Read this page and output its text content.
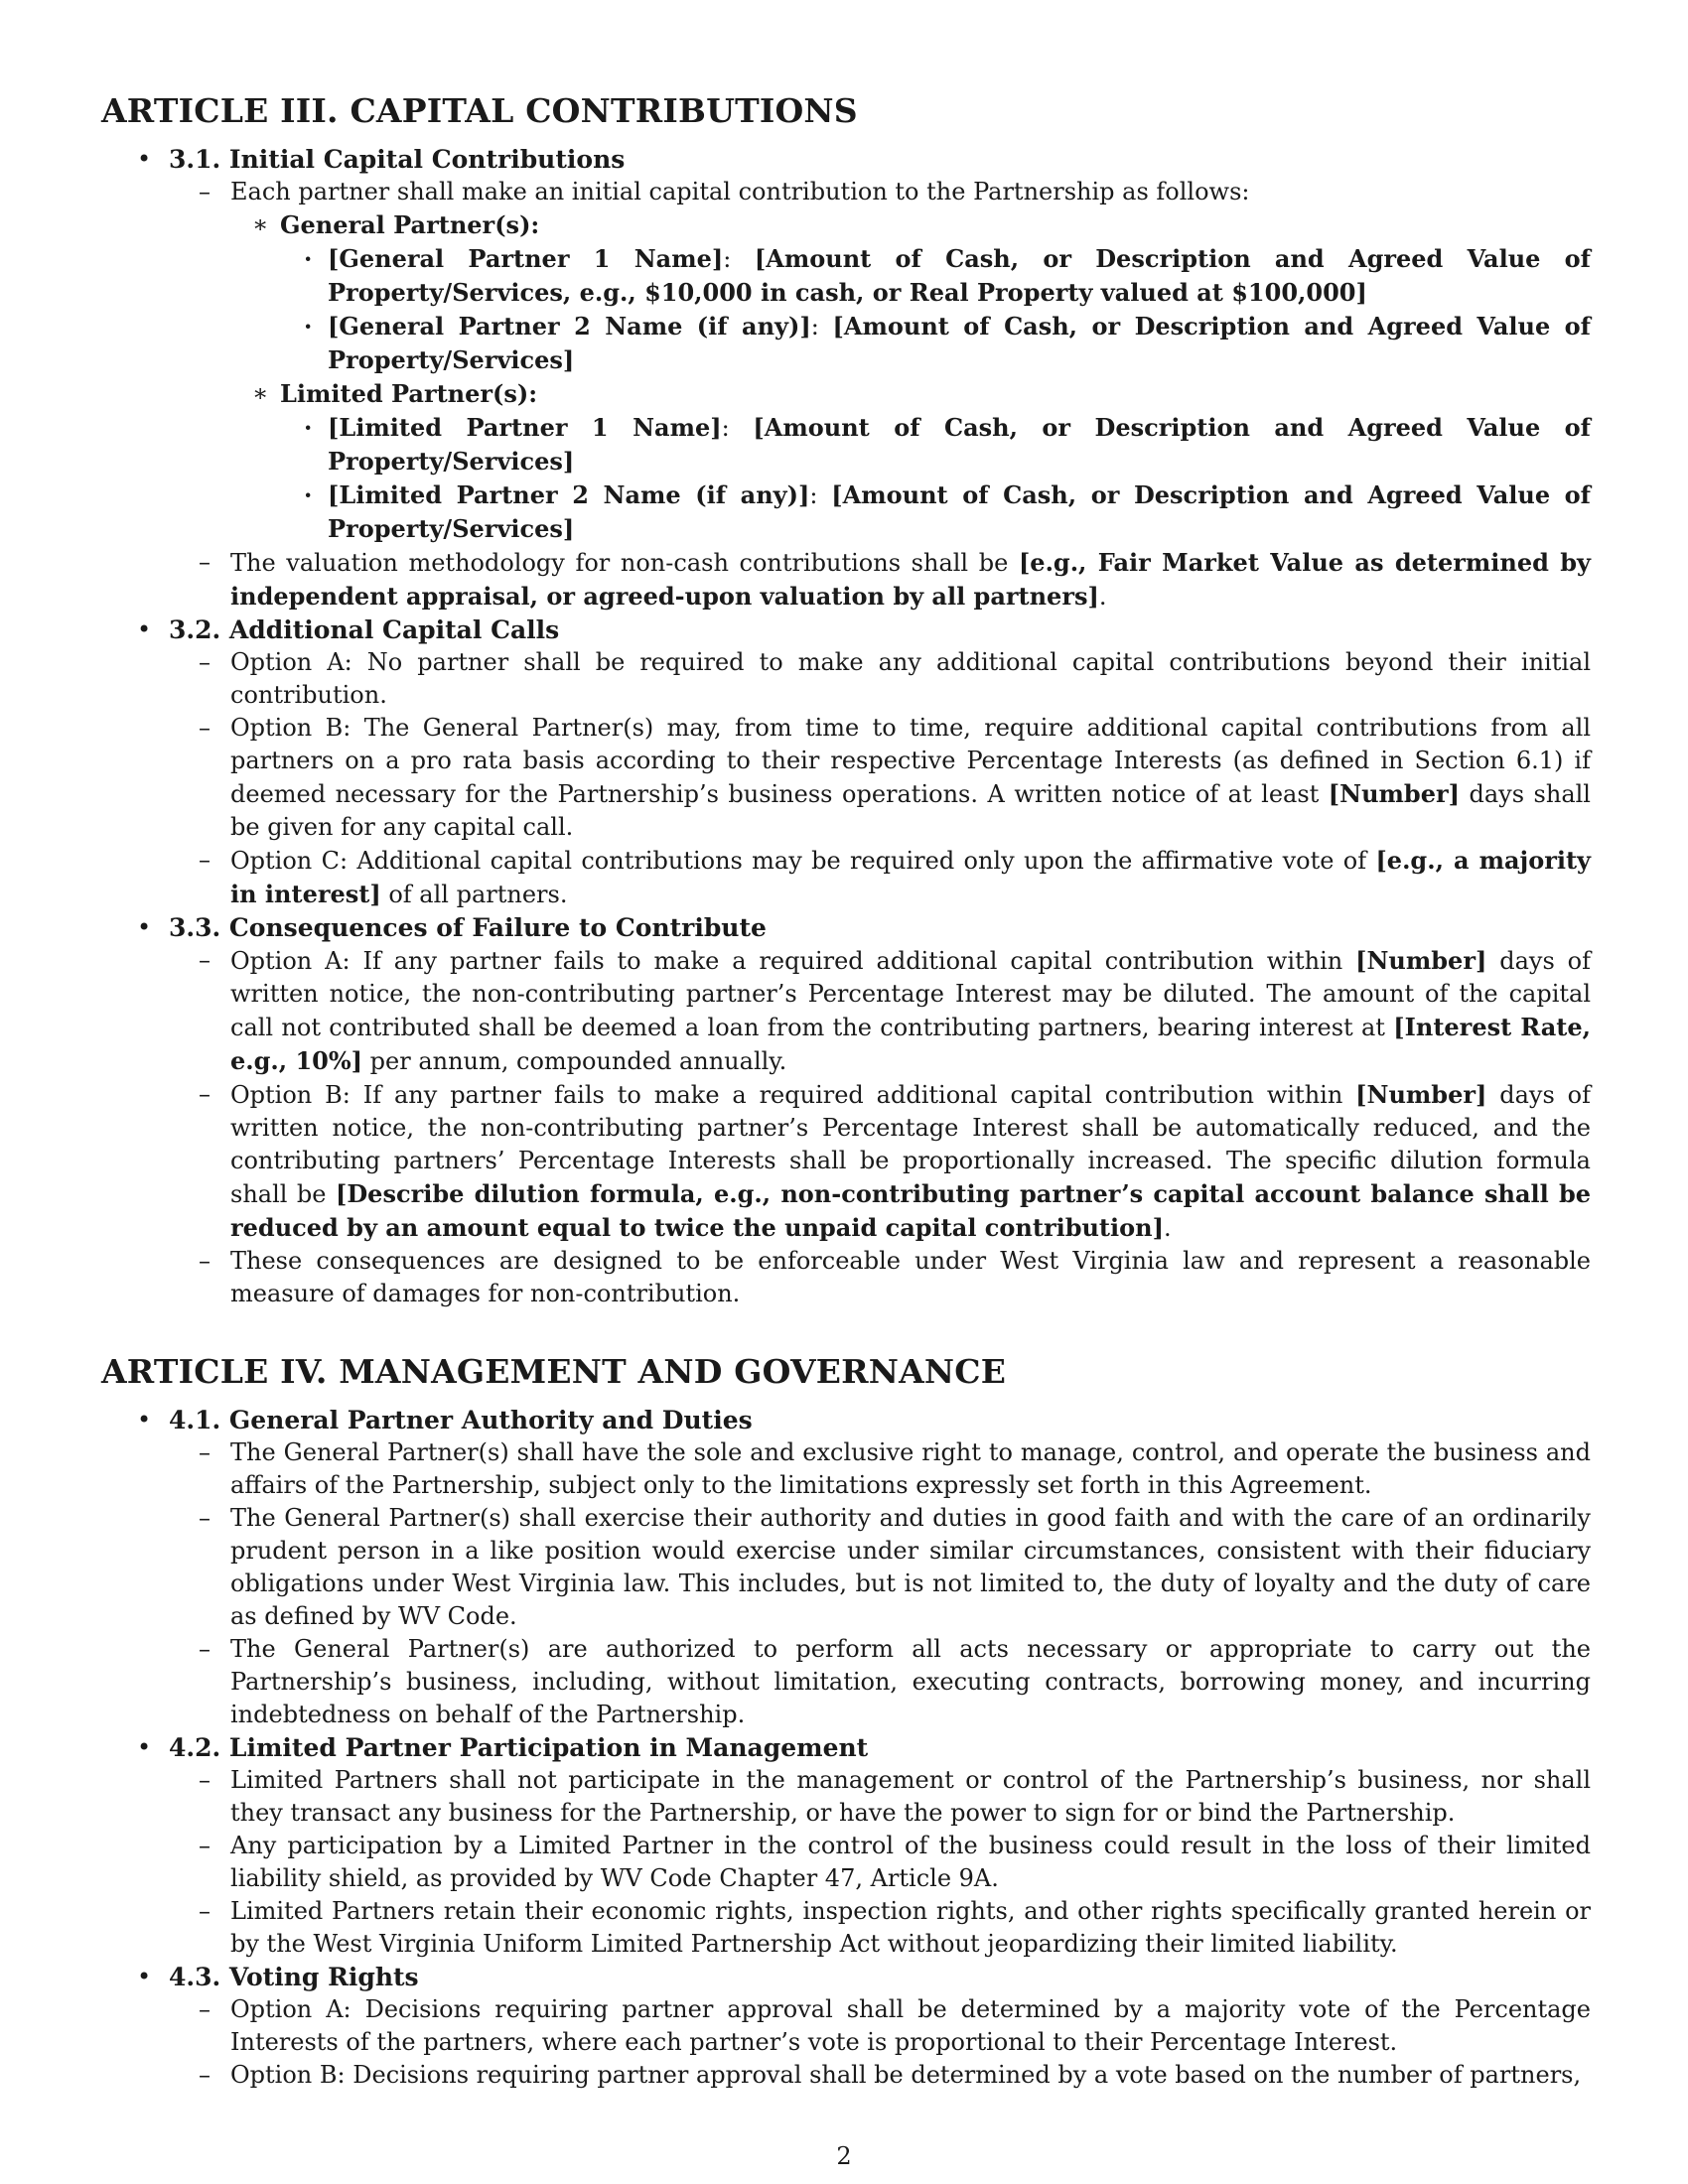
ARTICLE III. CAPITAL CONTRIBUTIONS
• 3.1. Initial Capital Contributions
– Each partner shall make an initial capital contribution to the Partnership as follows:
∗ General Partner(s):
· [General Partner 1 Name]: [Amount of Cash, or Description and Agreed Value of Property/Services, e.g., $10,000 in cash, or Real Property valued at $100,000]
· [General Partner 2 Name (if any)]: [Amount of Cash, or Description and Agreed Value of Property/Services]
∗ Limited Partner(s):
· [Limited Partner 1 Name]: [Amount of Cash, or Description and Agreed Value of Property/Services]
· [Limited Partner 2 Name (if any)]: [Amount of Cash, or Description and Agreed Value of Property/Services]
– The valuation methodology for non-cash contributions shall be [e.g., Fair Market Value as determined by independent appraisal, or agreed-upon valuation by all partners].
• 3.2. Additional Capital Calls
– Option A: No partner shall be required to make any additional capital contributions beyond their initial contribution.
– Option B: The General Partner(s) may, from time to time, require additional capital contributions from all partners on a pro rata basis according to their respective Percentage Interests (as defined in Section 6.1) if deemed necessary for the Partnership’s business operations. A written notice of at least [Number] days shall be given for any capital call.
– Option C: Additional capital contributions may be required only upon the affirmative vote of [e.g., a majority in interest] of all partners.
• 3.3. Consequences of Failure to Contribute
– Option A: If any partner fails to make a required additional capital contribution within [Number] days of written notice, the non-contributing partner’s Percentage Interest may be diluted. The amount of the capital call not contributed shall be deemed a loan from the contributing partners, bearing interest at [Interest Rate, e.g., 10%] per annum, compounded annually.
– Option B: If any partner fails to make a required additional capital contribution within [Number] days of written notice, the non-contributing partner’s Percentage Interest shall be automatically reduced, and the contributing partners’ Percentage Interests shall be proportionally increased. The specific dilution formula shall be [Describe dilution formula, e.g., non-contributing partner’s capital account balance shall be reduced by an amount equal to twice the unpaid capital contribution].
– These consequences are designed to be enforceable under West Virginia law and represent a reasonable measure of damages for non-contribution.
ARTICLE IV. MANAGEMENT AND GOVERNANCE
• 4.1. General Partner Authority and Duties
– The General Partner(s) shall have the sole and exclusive right to manage, control, and operate the business and affairs of the Partnership, subject only to the limitations expressly set forth in this Agreement.
– The General Partner(s) shall exercise their authority and duties in good faith and with the care of an ordinarily prudent person in a like position would exercise under similar circumstances, consistent with their fiduciary obligations under West Virginia law. This includes, but is not limited to, the duty of loyalty and the duty of care as defined by WV Code.
– The General Partner(s) are authorized to perform all acts necessary or appropriate to carry out the Partnership’s business, including, without limitation, executing contracts, borrowing money, and incurring indebtedness on behalf of the Partnership.
• 4.2. Limited Partner Participation in Management
– Limited Partners shall not participate in the management or control of the Partnership’s business, nor shall they transact any business for the Partnership, or have the power to sign for or bind the Partnership.
– Any participation by a Limited Partner in the control of the business could result in the loss of their limited liability shield, as provided by WV Code Chapter 47, Article 9A.
– Limited Partners retain their economic rights, inspection rights, and other rights specifically granted herein or by the West Virginia Uniform Limited Partnership Act without jeopardizing their limited liability.
• 4.3. Voting Rights
– Option A: Decisions requiring partner approval shall be determined by a majority vote of the Percentage Interests of the partners, where each partner’s vote is proportional to their Percentage Interest.
– Option B: Decisions requiring partner approval shall be determined by a vote based on the number of partners,
2
